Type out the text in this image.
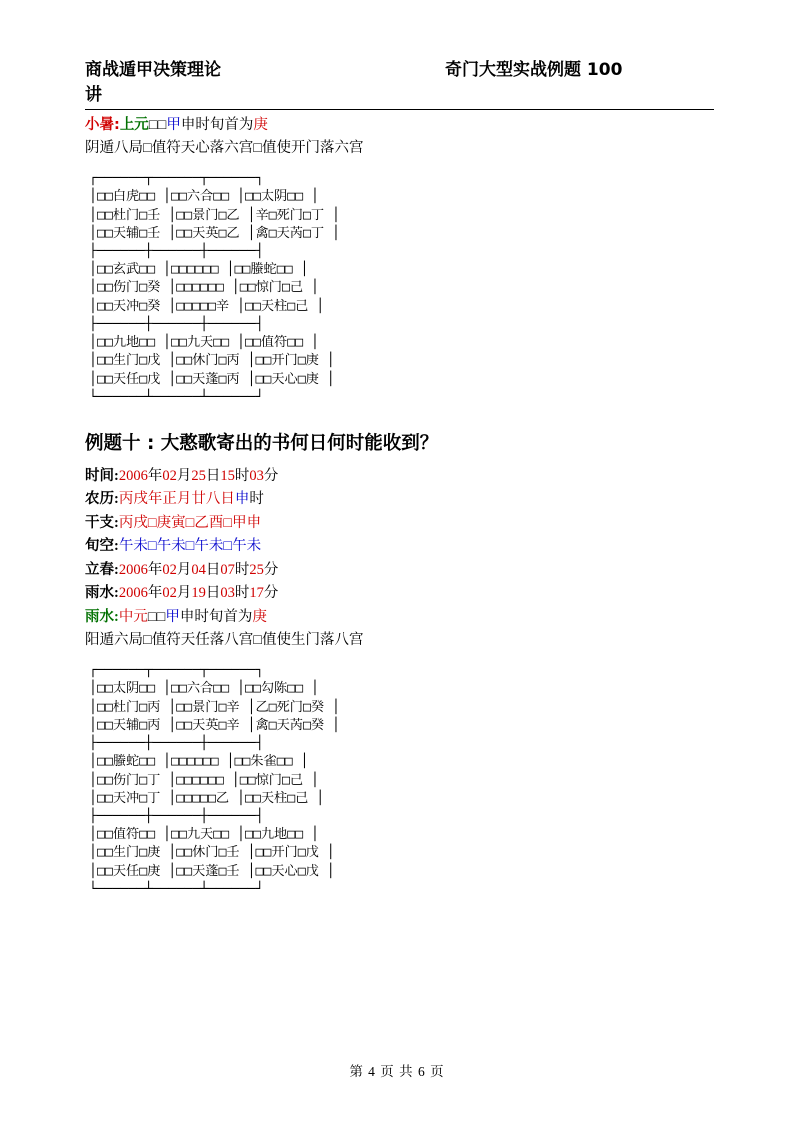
商战遁甲决策理论
讲
奇门大型实战例题 100
小暑:上元□□甲申时旬首为庚
阴遁八局□值符天心落六宫□值使开门落六宫
┌──────┬──────┬──────┐
│□□白虎□□ │□□六合□□ │□□太阴□□ │
│□□杜门□壬 │□□景门□乙 │辛□死门□丁 │
│□□天辅□壬 │□□天英□乙 │禽□天芮□丁 │
├──────┼──────┼──────┤
│□□玄武□□ │□□□□□□ │□□螣蛇□□ │
│□□伤门□癸 │□□□□□□ │□□惊门□己 │
│□□天冲□癸 │□□□□□辛 │□□天柱□己 │
├──────┼──────┼──────┤
│□□九地□□ │□□九天□□ │□□值符□□ │
│□□生门□戊 │□□休门□丙 │□□开门□庚 │
│□□天任□戊 │□□天蓬□丙 │□□天心□庚 │
└──────┴──────┴──────┘
例题十 : 大憨歌寄出的书何日何时能收到？
时间:2006年02月25日15时03分
农历:丙戌年正月廿八日申时
干支:丙戌□庚寅□乙酉□甲申
旬空:午未□午未□午未□午未
立春:2006年02月04日07时25分
雨水:2006年02月19日03时17分
雨水:中元□□甲申时旬首为庚
阳遁六局□值符天任落八宫□值使生门落八宫
┌──────┬──────┬──────┐
│□□太阴□□ │□□六合□□ │□□勾陈□□ │
│□□杜门□丙 │□□景门□辛 │乙□死门□癸 │
│□□天辅□丙 │□□天英□辛 │禽□天芮□癸 │
├──────┼──────┼──────┤
│□□螣蛇□□ │□□□□□□ │□□朱雀□□ │
│□□伤门□丁 │□□□□□□ │□□惊门□己 │
│□□天冲□丁 │□□□□□乙 │□□天柱□己 │
├──────┼──────┼──────┤
│□□值符□□ │□□九天□□ │□□九地□□ │
│□□生门□庚 │□□休门□壬 │□□开门□戊 │
│□□天任□庚 │□□天蓬□壬 │□□天心□戊 │
└──────┴──────┴──────┘
第 4 页 共 6 页
